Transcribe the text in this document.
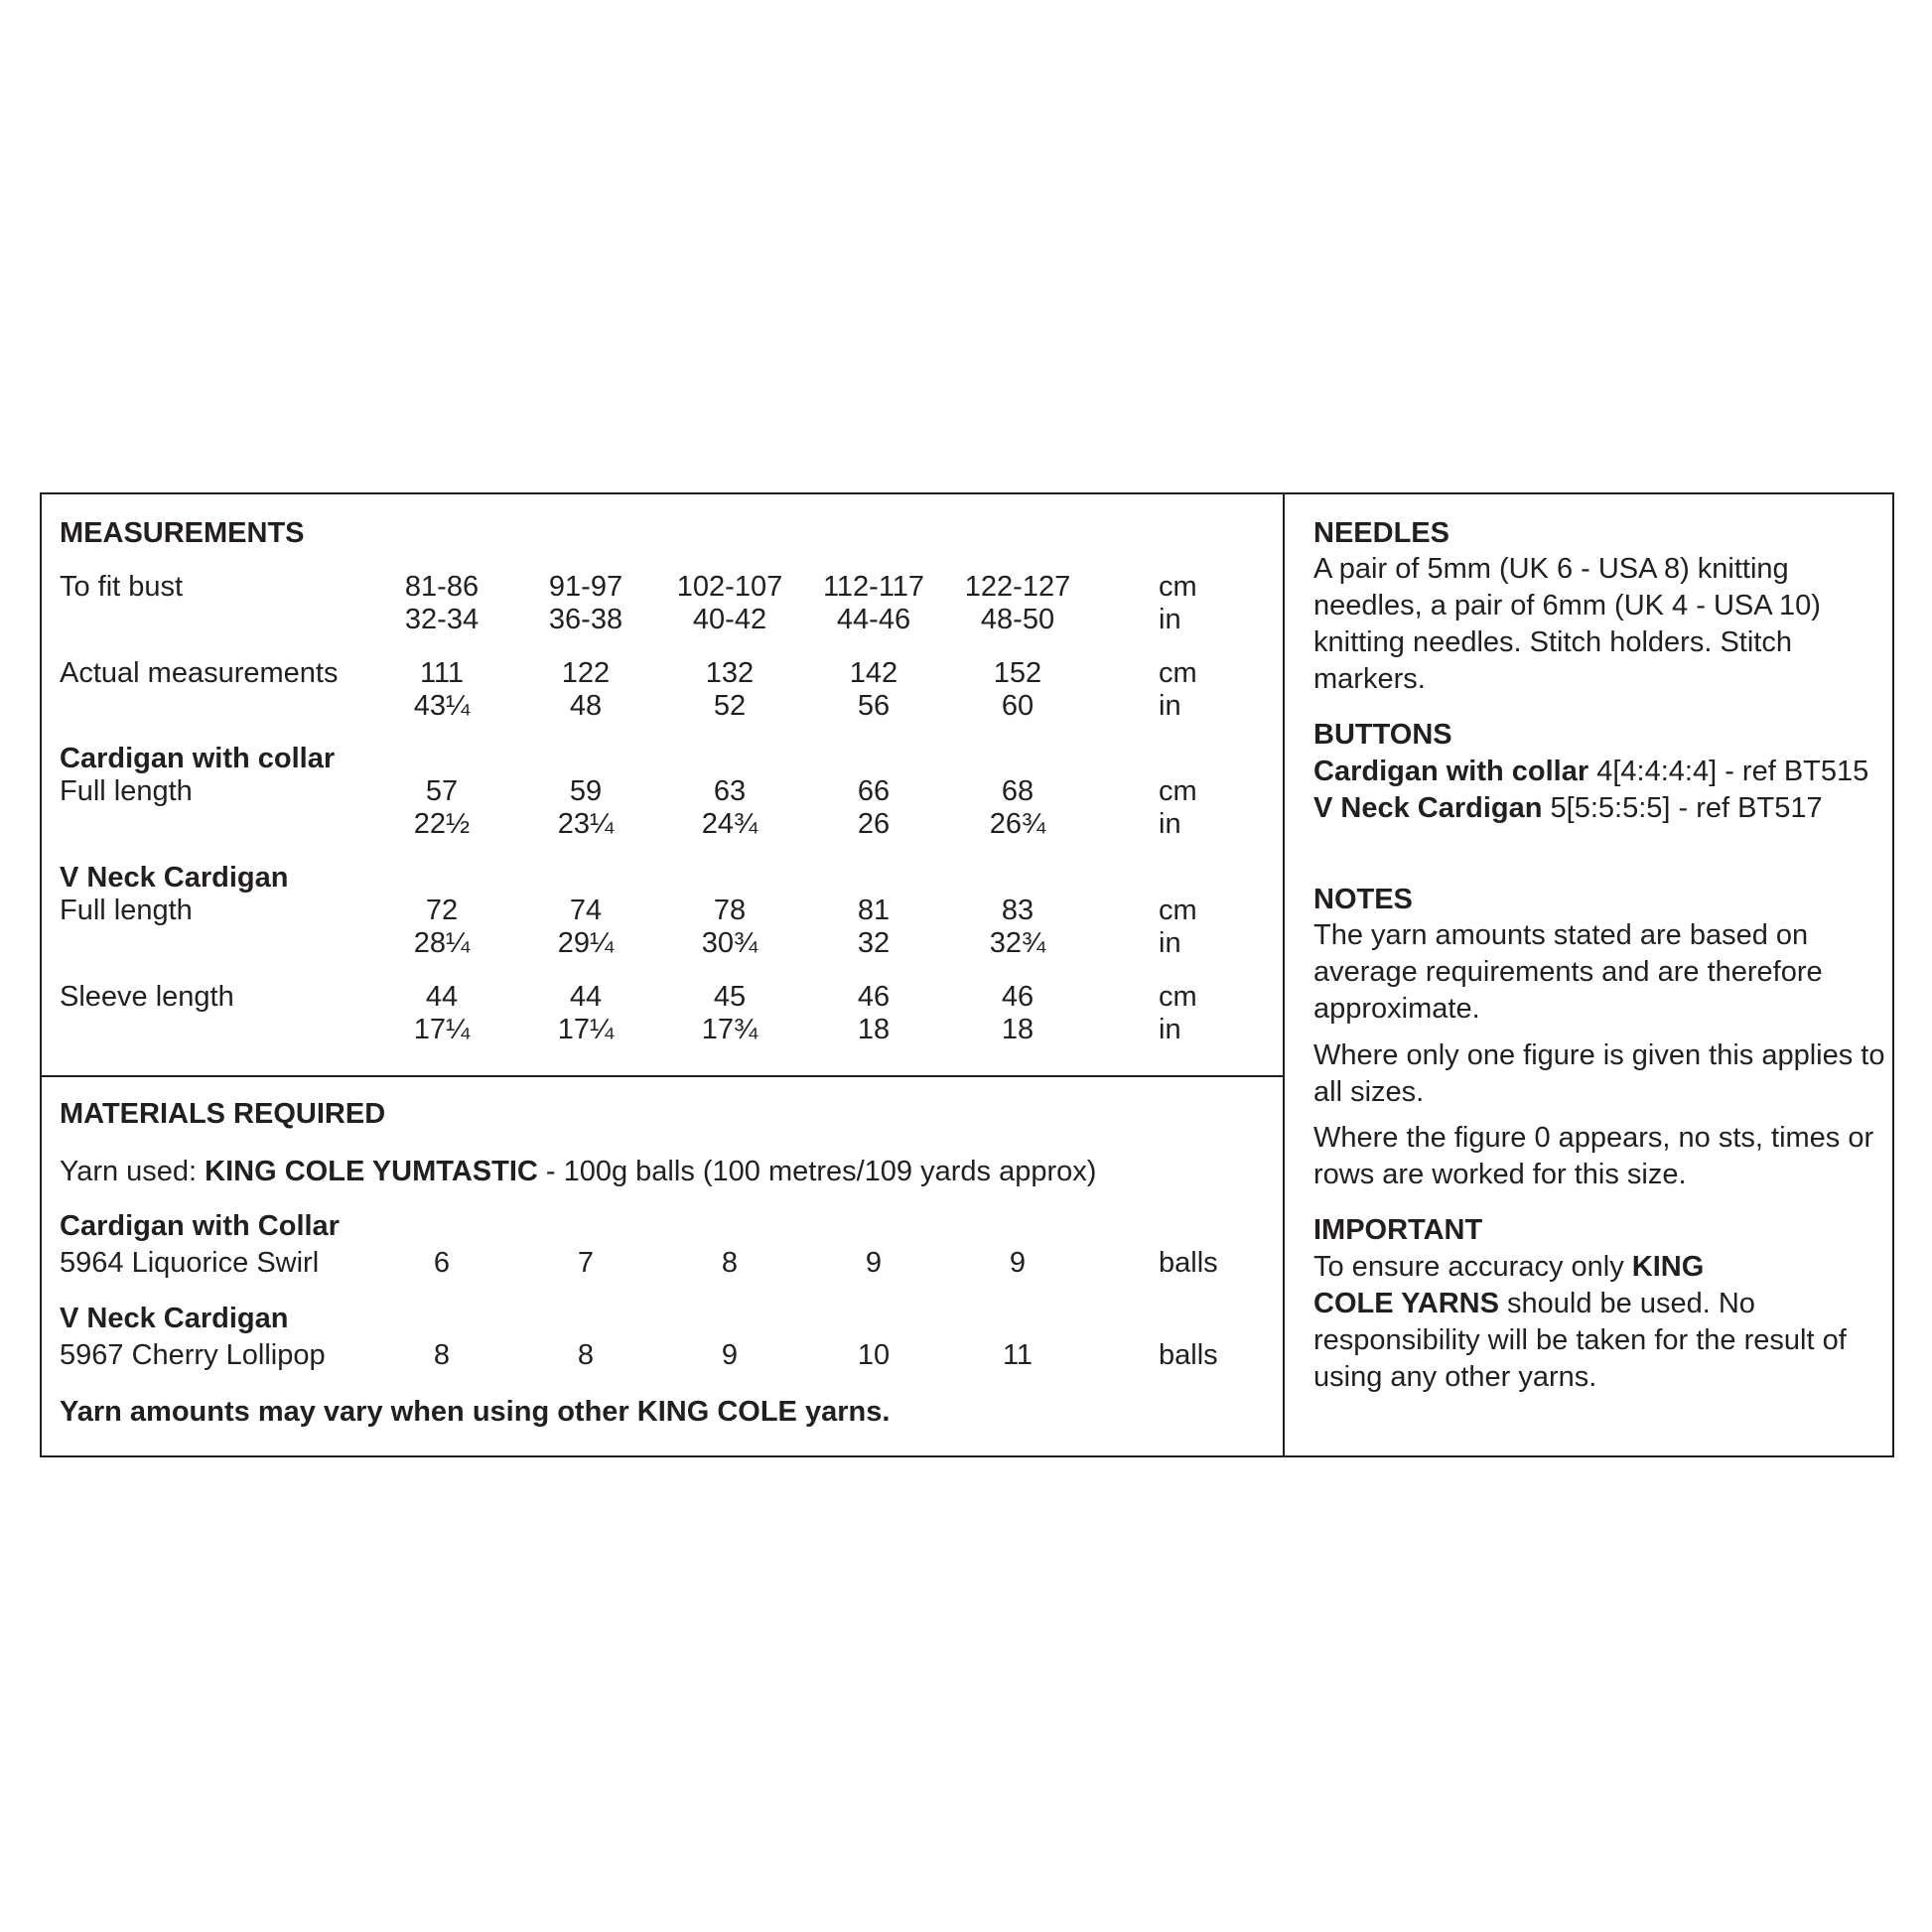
MEASUREMENTS
To fit bust	81-86	91-97	102-107	112-117	122-127	cm
32-34	36-38	40-42	44-46	48-50	in
Actual measurements	111	122	132	142	152	cm
43¼	48	52	56	60	in
Cardigan with collar
Full length	57	59	63	66	68	cm
22½	23¼	24¾	26	26¾	in
V Neck Cardigan
Full length	72	74	78	81	83	cm
28¼	29¼	30¾	32	32¾	in
Sleeve length	44	44	45	46	46	cm
17¼	17¼	17¾	18	18	in
MATERIALS REQUIRED
Yarn used: KING COLE YUMTASTIC - 100g balls (100 metres/109 yards approx)
Cardigan with Collar
5964 Liquorice Swirl	6	7	8	9	9	balls
V Neck Cardigan
5967 Cherry Lollipop	8	8	9	10	11	balls
Yarn amounts may vary when using other KING COLE yarns.
NEEDLES

A pair of 5mm (UK 6 - USA 8) knitting needles, a pair of 6mm (UK 4 - USA 10) knitting needles. Stitch holders. Stitch markers.

BUTTONS

Cardigan with collar 4[4:4:4:4] - ref BT515

V Neck Cardigan 5[5:5:5:5] - ref BT517

NOTES

The yarn amounts stated are based on average requirements and are therefore approximate.

Where only one figure is given this applies to all sizes.

Where the figure 0 appears, no sts, times or rows are worked for this size.

IMPORTANT

To ensure accuracy only KING
COLE YARNS should be used. No responsibility will be taken for the result of using any other yarns.
